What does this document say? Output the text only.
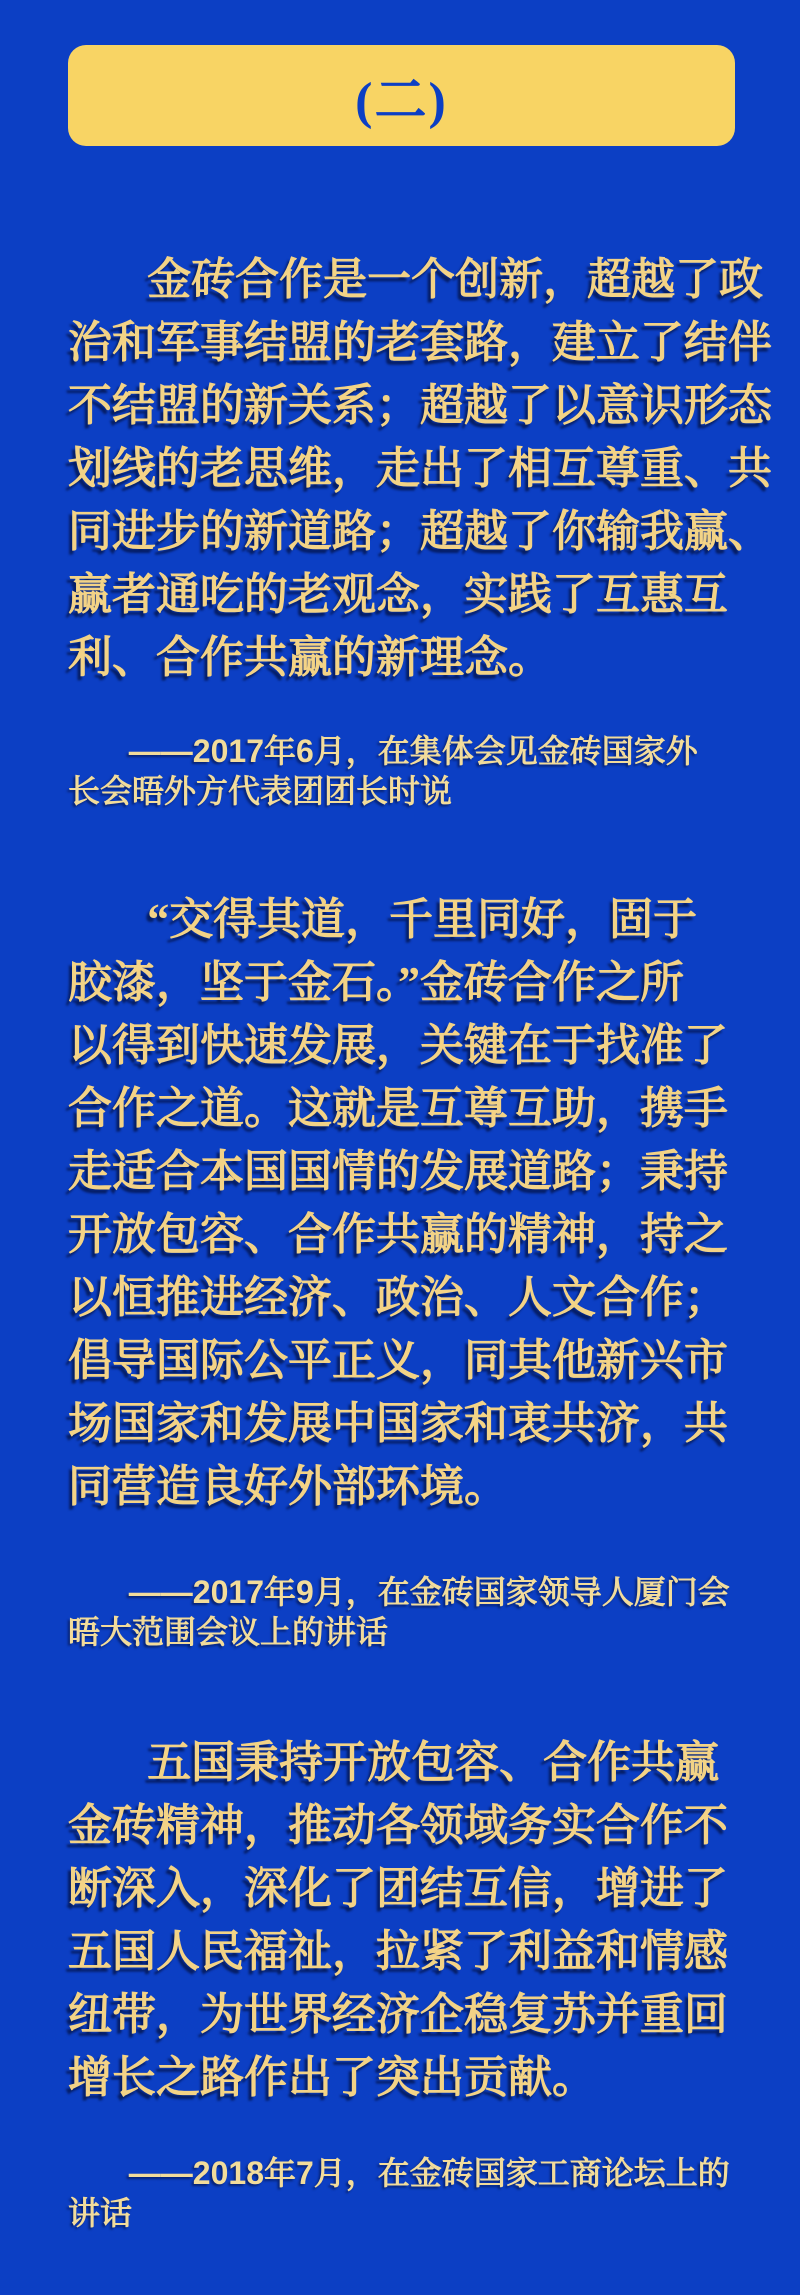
(二)
金砖合作是一个创新，超越了政
治和军事结盟的老套路，建立了结伴
不结盟的新关系；超越了以意识形态
划线的老思维，走出了相互尊重、共
同进步的新道路；超越了你输我赢、
赢者通吃的老观念，实践了互惠互
利、合作共赢的新理念。
——2017年6月，在集体会见金砖国家外
长会晤外方代表团团长时说
“交得其道，千里同好，固于
胶漆，坚于金石。”金砖合作之所
以得到快速发展，关键在于找准了
合作之道。这就是互尊互助，携手
走适合本国国情的发展道路；秉持
开放包容、合作共赢的精神，持之
以恒推进经济、政治、人文合作；
倡导国际公平正义，同其他新兴市
场国家和发展中国家和衷共济，共
同营造良好外部环境。
——2017年9月，在金砖国家领导人厦门会
晤大范围会议上的讲话
五国秉持开放包容、合作共赢
金砖精神，推动各领域务实合作不
断深入，深化了团结互信，增进了
五国人民福祉，拉紧了利益和情感
纽带，为世界经济企稳复苏并重回
增长之路作出了突出贡献。
——2018年7月，在金砖国家工商论坛上的
讲话
